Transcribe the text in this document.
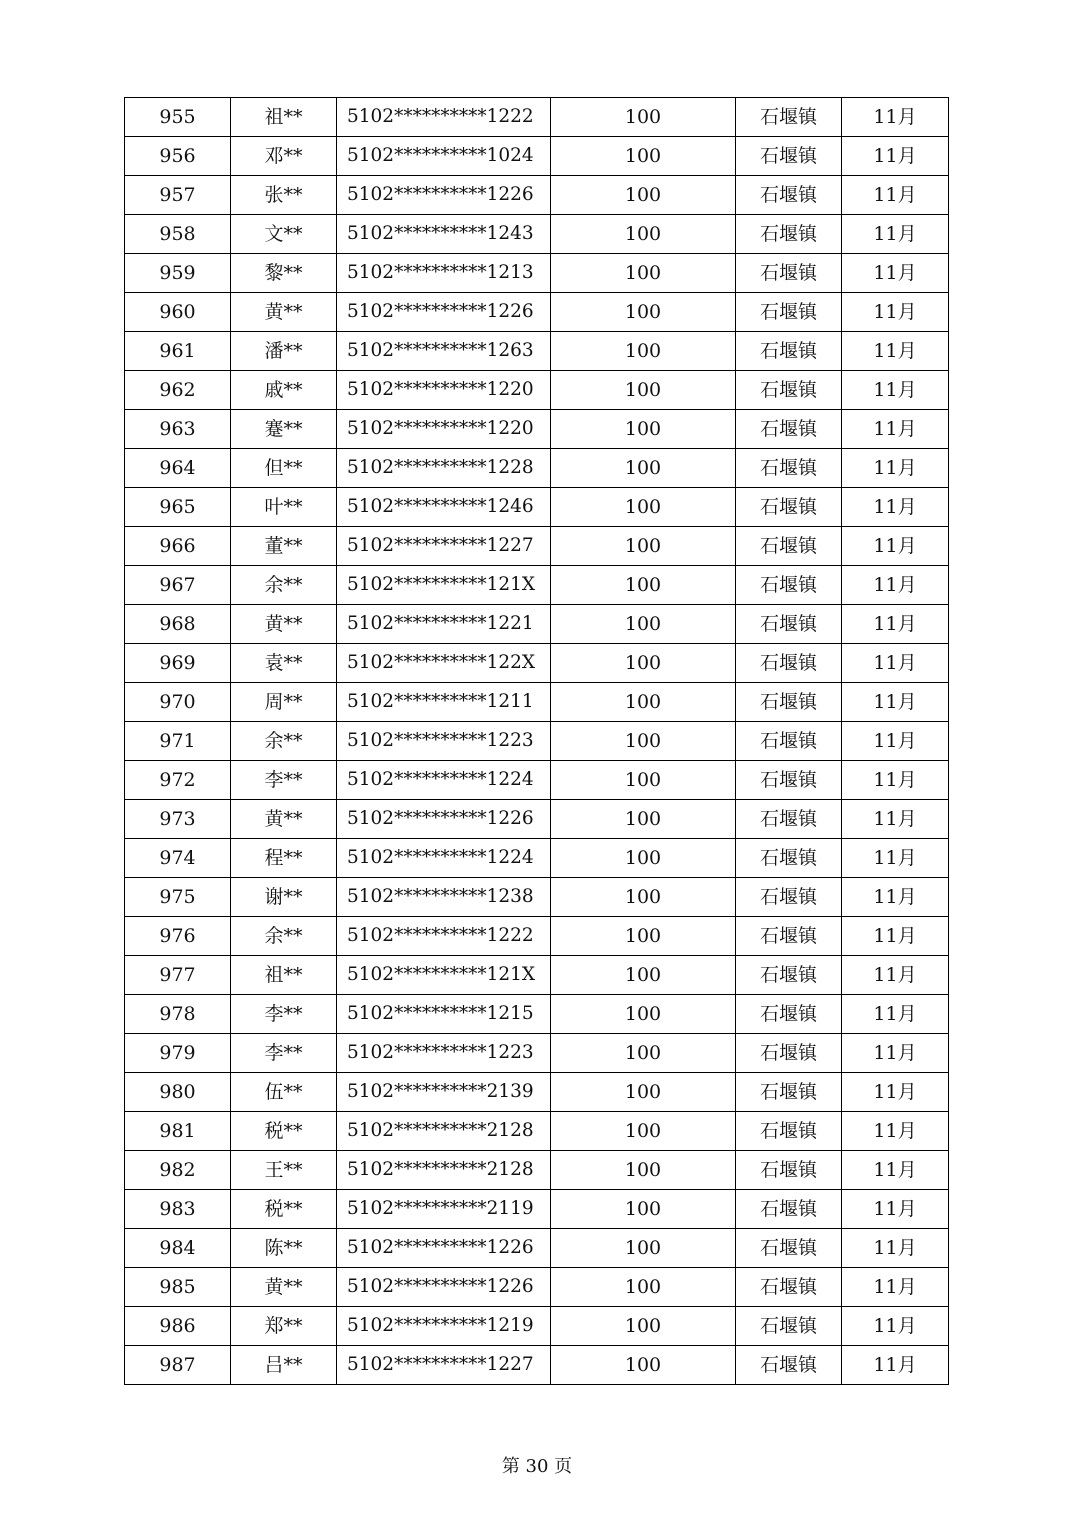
955	祖**	5102**********1222	100	石堰镇	11月
956	邓**	5102**********1024	100	石堰镇	11月
957	张**	5102**********1226	100	石堰镇	11月
958	文**	5102**********1243	100	石堰镇	11月
959	黎**	5102**********1213	100	石堰镇	11月
960	黄**	5102**********1226	100	石堰镇	11月
961	潘**	5102**********1263	100	石堰镇	11月
962	戚**	5102**********1220	100	石堰镇	11月
963	蹇**	5102**********1220	100	石堰镇	11月
964	但**	5102**********1228	100	石堰镇	11月
965	叶**	5102**********1246	100	石堰镇	11月
966	董**	5102**********1227	100	石堰镇	11月
967	余**	5102**********121X	100	石堰镇	11月
968	黄**	5102**********1221	100	石堰镇	11月
969	袁**	5102**********122X	100	石堰镇	11月
970	周**	5102**********1211	100	石堰镇	11月
971	余**	5102**********1223	100	石堰镇	11月
972	李**	5102**********1224	100	石堰镇	11月
973	黄**	5102**********1226	100	石堰镇	11月
974	程**	5102**********1224	100	石堰镇	11月
975	谢**	5102**********1238	100	石堰镇	11月
976	余**	5102**********1222	100	石堰镇	11月
977	祖**	5102**********121X	100	石堰镇	11月
978	李**	5102**********1215	100	石堰镇	11月
979	李**	5102**********1223	100	石堰镇	11月
980	伍**	5102**********2139	100	石堰镇	11月
981	税**	5102**********2128	100	石堰镇	11月
982	王**	5102**********2128	100	石堰镇	11月
983	税**	5102**********2119	100	石堰镇	11月
984	陈**	5102**********1226	100	石堰镇	11月
985	黄**	5102**********1226	100	石堰镇	11月
986	郑**	5102**********1219	100	石堰镇	11月
987	吕**	5102**********1227	100	石堰镇	11月
第 30 页
